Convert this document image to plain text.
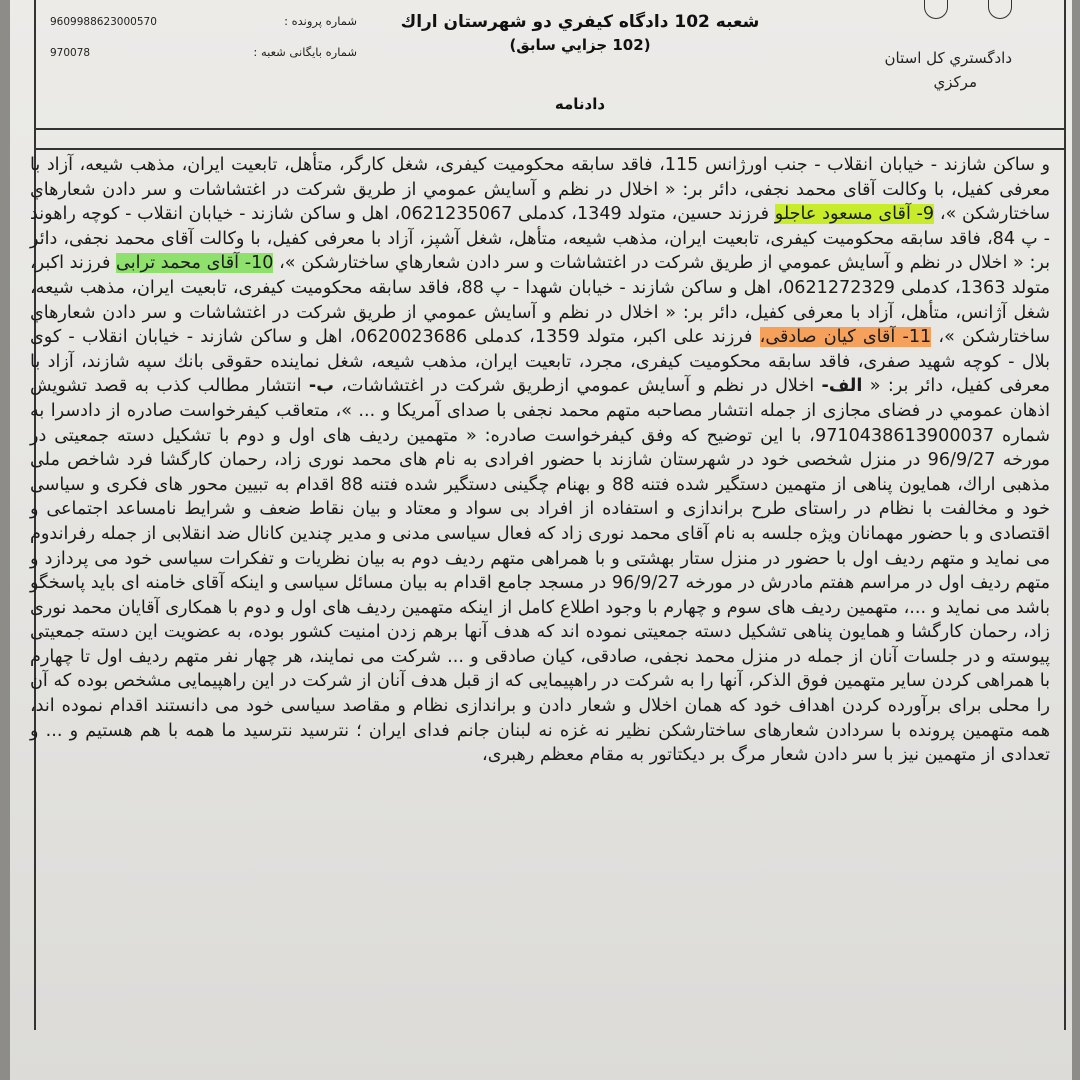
9609988623000570	شماره پرونده :
970078	شماره بايگانی شعبه :
شعبه 102 دادگاه كيفري دو شهرستان اراك
(102 جزايي سابق)
دادگستري كل استان
مركزي
دادنامه

و ساكن شازند - خيابان انقلاب - جنب اورژانس 115، فاقد سابقه محكوميت كيفری، شغل كارگر، متأهل، تابعيت ايران، مذهب شيعه، آزاد با معرفی كفيل، با وكالت آقای محمد نجفی، دائر بر: « اخلال در نظم و آسايش عمومي از طريق شركت در اغتشاشات و سر دادن شعارهاي ساختارشكن »، 9- آقای مسعود عاجلو فرزند حسين، متولد 1349، كدملی 0621235067، اهل و ساكن شازند - خيابان انقلاب - كوچه راهوند - پ 84، فاقد سابقه محكوميت كيفری، تابعيت ايران، مذهب شيعه، متأهل، شغل آشپز، آزاد با معرفی كفيل، با وكالت آقای محمد نجفی، دائر بر: « اخلال در نظم و آسايش عمومي از طريق شركت در اغتشاشات و سر دادن شعارهاي ساختارشكن »، 10- آقای محمد ترابی فرزند اكبر، متولد 1363، كدملی 0621272329، اهل و ساكن شازند - خيابان شهدا - پ 88، فاقد سابقه محكوميت كيفری، تابعيت ايران، مذهب شيعه، شغل آژانس، متأهل، آزاد با معرفی كفيل، دائر بر: « اخلال در نظم و آسايش عمومي از طريق شركت در اغتشاشات و سر دادن شعارهاي ساختارشكن »، 11- آقای كيان صادقی، فرزند علی اكبر، متولد 1359، كدملی 0620023686، اهل و ساكن شازند - خيابان انقلاب - كوی بلال - كوچه شهيد صفری، فاقد سابقه محكوميت كيفری، مجرد، تابعيت ايران، مذهب شيعه، شغل نماينده حقوقی بانك سپه شازند، آزاد با معرفی كفيل، دائر بر: « الف- اخلال در نظم و آسايش عمومي ازطريق شركت در اغتشاشات، ب- انتشار مطالب كذب به قصد تشويش اذهان عمومي در فضای مجازی از جمله انتشار مصاحبه متهم محمد نجفی با صدای آمريكا و ... »، متعاقب كيفرخواست صادره از دادسرا به شماره 9710438613900037، با اين توضيح كه وفق كيفرخواست صادره: « متهمين رديف های اول و دوم با تشكيل دسته جمعيتی در مورخه 96/9/27 در منزل شخصی خود در شهرستان شازند با حضور افرادی به نام های محمد نوری زاد، رحمان كارگشا فرد شاخص ملی مذهبی اراك، همايون پناهی از متهمين دستگير شده فتنه 88 و بهنام چگينی دستگير شده فتنه 88 اقدام به تبيين محور های فكری و سياسی خود و مخالفت با نظام در راستای طرح براندازی و استفاده از افراد بی سواد و معتاد و بيان نقاط ضعف و شرايط نامساعد اجتماعی و اقتصادی و با حضور مهمانان ويژه جلسه به نام آقای محمد نوری زاد كه فعال سياسی مدنی و مدير چندين كانال ضد انقلابی از جمله رفراندوم می نمايد و متهم رديف اول با حضور در منزل ستار بهشتی و با همراهی متهم رديف دوم به بيان نظريات و تفكرات سياسی خود می پردازد و متهم رديف اول در مراسم هفتم مادرش در مورخه 96/9/27 در مسجد جامع اقدام به بيان مسائل سياسی و اينكه آقای خامنه ای بايد پاسخگو باشد می نمايد و ...، متهمين رديف های سوم و چهارم با وجود اطلاع كامل از اينكه متهمين رديف های اول و دوم با همكاری آقايان محمد نوری زاد، رحمان كارگشا و همايون پناهی تشكيل دسته جمعيتی نموده اند كه هدف آنها برهم زدن امنيت كشور بوده، به عضويت اين دسته جمعيتی پيوسته و در جلسات آنان از جمله در منزل محمد نجفی، صادقی، كيان صادقی و ... شركت می نمايند، هر چهار نفر متهم رديف اول تا چهارم با همراهی كردن ساير متهمين فوق الذكر، آنها را به شركت در راهپيمايی كه از قبل هدف آنان از شركت در اين راهپيمايی مشخص بوده كه آن را محلی برای برآورده كردن اهداف خود كه همان اخلال و شعار دادن و براندازی نظام و مقاصد سياسی خود می دانستند اقدام نموده اند، همه متهمين پرونده با سردادن شعارهای ساختارشكن نظير نه غزه نه لبنان جانم فدای ايران ؛ نترسيد نترسيد ما همه با هم هستيم و ... و تعدادی از متهمين نيز با سر دادن شعار مرگ بر ديكتاتور به مقام معظم رهبری،
